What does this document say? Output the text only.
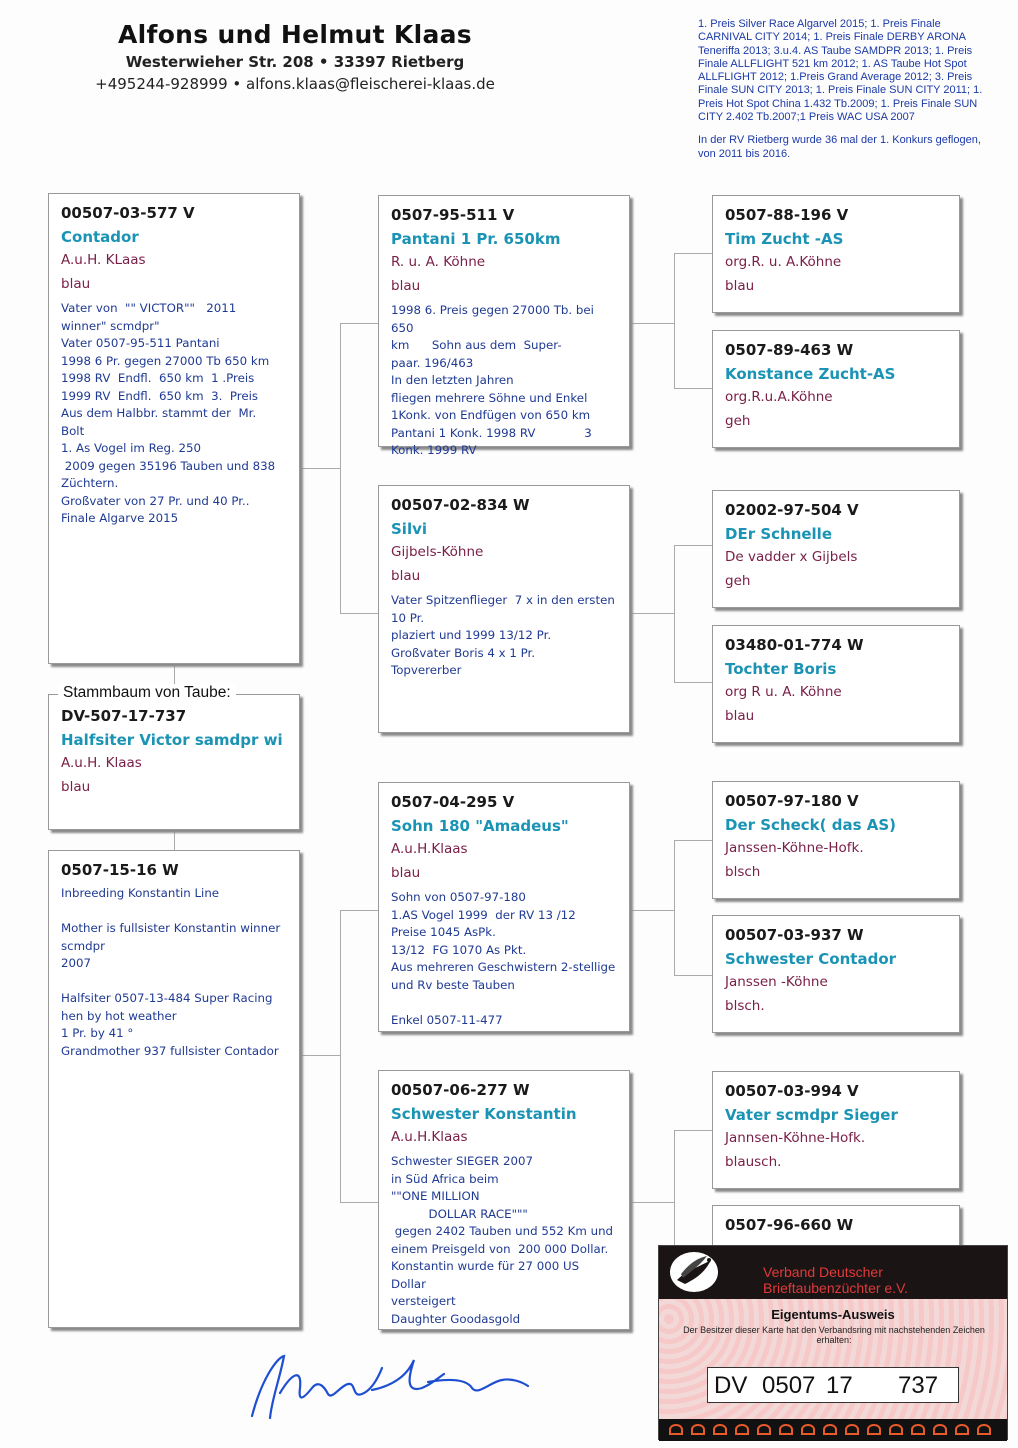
Alfons und Helmut Klaas
Westerwieher Str. 208 • 33397 Rietberg
+495244-928999 • alfons.klaas@fleischerei-klaas.de

1. Preis Silver Race Algarvel 2015; 1. Preis Finale CARNIVAL CITY 2014; 1. Preis Finale DERBY ARONA Teneriffa 2013; 3.u.4. AS Taube SAMDPR 2013; 1. Preis Finale ALLFLIGHT 521 km 2012; 1. AS Taube Hot Spot ALLFLIGHT 2012; 1.Preis Grand Average 2012; 3. Preis Finale SUN CITY 2013; 1. Preis Finale SUN CITY 2011; 1. Preis Hot Spot China 1.432 Tb.2009; 1. Preis Finale SUN CITY 2.402 Tb.2007;1 Preis WAC USA 2007

In der RV Rietberg wurde 36 mal der 1. Konkurs geflogen, von 2011 bis 2016.

00507-03-577 V
Contador
A.u.H. KLaas
blau
Vater von  "" VICTOR""   2011
winner" scmdpr"
Vater 0507-95-511 Pantani
1998 6 Pr. gegen 27000 Tb 650 km
1998 RV  Endfl.  650 km  1 .Preis
1999 RV  Endfl.  650 km  3.  Preis
Aus dem Halbbr. stammt der  Mr.
Bolt
1. As Vogel im Reg. 250
2009 gegen 35196 Tauben und 838
Züchtern.
Großvater von 27 Pr. und 40 Pr..
Finale Algarve 2015
DV-507-17-737
Halfsiter Victor samdpr wi
A.u.H. Klaas
blau
Stammbaum von Taube:
0507-15-16 W
Inbreeding Konstantin Line

Mother is fullsister Konstantin winner
scmdpr
2007

Halfsiter 0507-13-484 Super Racing
hen by hot weather
1 Pr. by 41 °
Grandmother 937 fullsister Contador
0507-95-511 V
Pantani 1 Pr. 650km
R. u. A. Köhne
blau
1998 6. Preis gegen 27000 Tb. bei 650
km      Sohn aus dem  Super-
paar. 196/463
In den letzten Jahren
fliegen mehrere Söhne und Enkel
1Konk. von Endfügen von 650 km
Pantani 1 Konk. 1998 RV             3
Konk. 1999 RV
00507-02-834 W
Silvi
Gijbels-Köhne
blau
Vater Spitzenflieger  7 x in den ersten
10 Pr.
plaziert und 1999 13/12 Pr.
Großvater Boris 4 x 1 Pr.
Topvererber
0507-04-295 V
Sohn 180 "Amadeus"
A.u.H.Klaas
blau
Sohn von 0507-97-180
1.AS Vogel 1999  der RV 13 /12
Preise 1045 AsPk.
13/12  FG 1070 As Pkt.
Aus mehreren Geschwistern 2-stellige
und Rv beste Tauben

Enkel 0507-11-477
00507-06-277 W
Schwester Konstantin
A.u.H.Klaas
Schwester SIEGER 2007
in Süd Africa beim
""ONE MILLION
DOLLAR RACE"""
gegen 2402 Tauben und 552 Km und
einem Preisgeld von  200 000 Dollar.
Konstantin wurde für 27 000 US
Dollar
versteigert
Daughter Goodasgold
0507-88-196 V
Tim Zucht -AS
org.R. u. A.Köhne
blau
0507-89-463 W
Konstance Zucht-AS
org.R.u.A.Köhne
geh
02002-97-504 V
DEr Schnelle
De vadder x Gijbels
geh
03480-01-774 W
Tochter Boris
org R u. A. Köhne
blau
00507-97-180 V
Der Scheck( das AS)
Janssen-Köhne-Hofk.
blsch
00507-03-937 W
Schwester Contador
Janssen -Köhne
blsch.
00507-03-994 V
Vater scmdpr Sieger
Jannsen-Köhne-Hofk.
blausch.
0507-96-660 W
Verband Deutscher
Brieftaubenzüchter e.V.
Eigentums-Ausweis
Der Besitzer dieser Karte hat den Verbandsring mit nachstehenden Zeichen erhalten:
DV 0507 17 737
